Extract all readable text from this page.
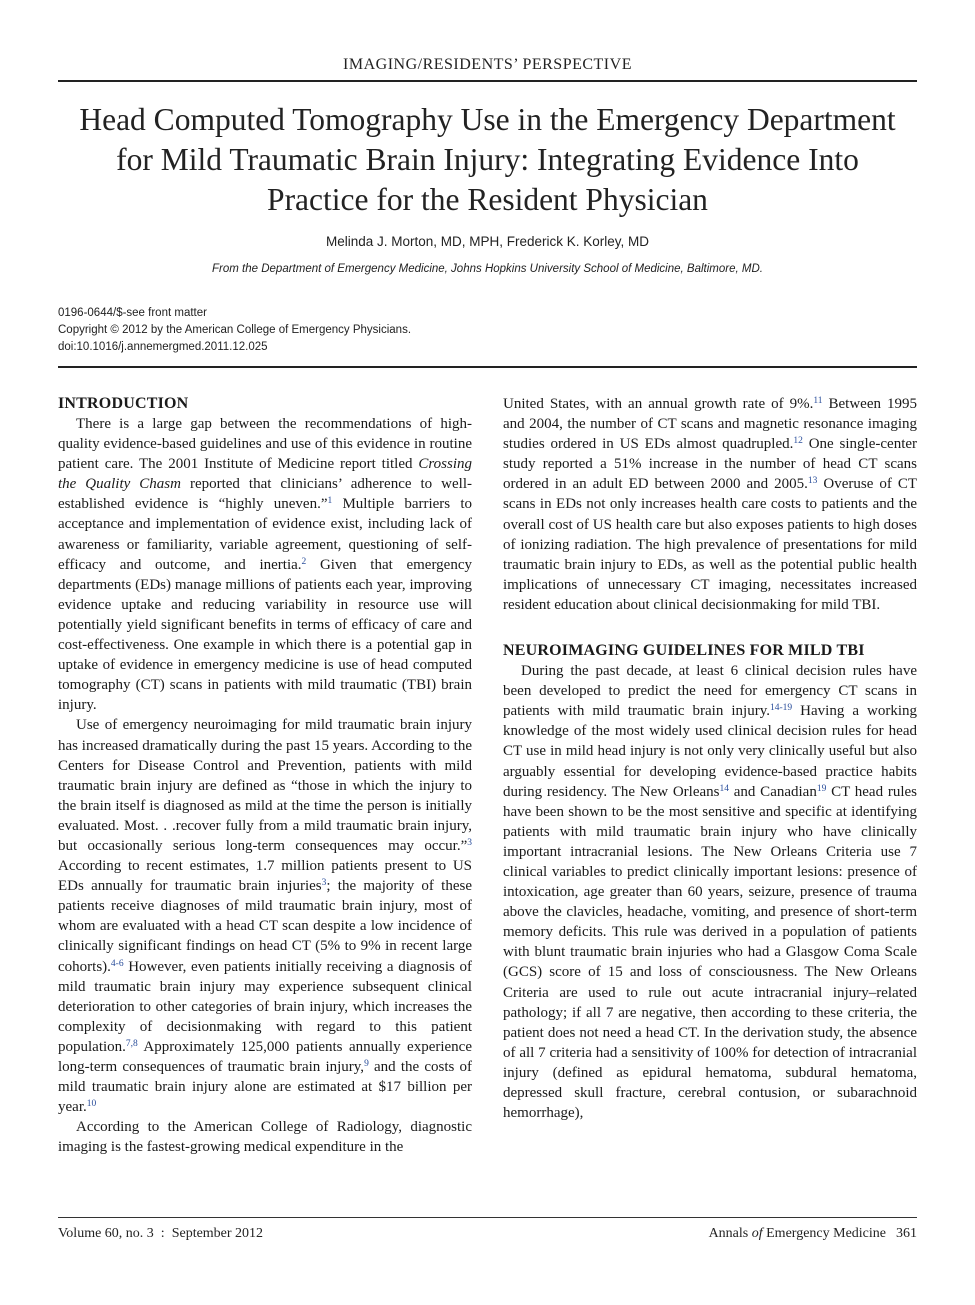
IMAGING/RESIDENTS’ PERSPECTIVE
Head Computed Tomography Use in the Emergency Department
for Mild Traumatic Brain Injury: Integrating Evidence Into
Practice for the Resident Physician
Melinda J. Morton, MD, MPH, Frederick K. Korley, MD
From the Department of Emergency Medicine, Johns Hopkins University School of Medicine, Baltimore, MD.
0196-0644/$-see front matter
Copyright © 2012 by the American College of Emergency Physicians.
doi:10.1016/j.annemergmed.2011.12.025
INTRODUCTION

There is a large gap between the recommendations of high-quality evidence-based guidelines and use of this evidence in routine patient care. The 2001 Institute of Medicine report titled Crossing the Quality Chasm reported that clinicians’ adherence to well-established evidence is “highly uneven.”$^1$ Multiple barriers to acceptance and implementation of evidence exist, including lack of awareness or familiarity, variable agreement, questioning of self-efficacy and outcome, and inertia.$^2$ Given that emergency departments (EDs) manage millions of patients each year, improving evidence uptake and reducing variability in resource use will potentially yield significant benefits in terms of efficacy of care and cost-effectiveness. One example in which there is a potential gap in uptake of evidence in emergency medicine is use of head computed tomography (CT) scans in patients with mild traumatic (TBI) brain injury.

Use of emergency neuroimaging for mild traumatic brain injury has increased dramatically during the past 15 years. According to the Centers for Disease Control and Prevention, patients with mild traumatic brain injury are defined as “those in which the injury to the brain itself is diagnosed as mild at the time the person is initially evaluated. Most. . .recover fully from a mild traumatic brain injury, but occasionally serious long-term consequences may occur.”$^3$ According to recent estimates, 1.7 million patients present to US EDs annually for traumatic brain injuries$^3$; the majority of these patients receive diagnoses of mild traumatic brain injury, most of whom are evaluated with a head CT scan despite a low incidence of clinically significant findings on head CT (5% to 9% in recent large cohorts).$^{4-6}$ However, even patients initially receiving a diagnosis of mild traumatic brain injury may experience subsequent clinical deterioration to other categories of brain injury, which increases the complexity of decisionmaking with regard to this patient population.$^{7,8}$ Approximately 125,000 patients annually experience long-term consequences of traumatic brain injury,$^9$ and the costs of mild traumatic brain injury alone are estimated at $17 billion per year.$^{10}$

According to the American College of Radiology, diagnostic imaging is the fastest-growing medical expenditure in the

United States, with an annual growth rate of 9%.$^{11}$ Between 1995 and 2004, the number of CT scans and magnetic resonance imaging studies ordered in US EDs almost quadrupled.$^{12}$ One single-center study reported a 51% increase in the number of head CT scans ordered in an adult ED between 2000 and 2005.13 Overuse of CT scans in EDs not only increases health care costs to patients and the overall cost of US health care but also exposes patients to high doses of ionizing radiation. The high prevalence of presentations for mild traumatic brain injury to EDs, as well as the potential public health implications of unnecessary CT imaging, necessitates increased resident education about clinical decisionmaking for mild TBI.

NEUROIMAGING GUIDELINES FOR MILD TBI

During the past decade, at least 6 clinical decision rules have been developed to predict the need for emergency CT scans in patients with mild traumatic brain injury.$^{14-19}$ Having a working knowledge of the most widely used clinical decision rules for head CT use in mild head injury is not only very clinically useful but also arguably essential for developing evidence-based practice habits during residency. The New Orleans$^{14}$ and Canadian$^{19}$ CT head rules have been shown to be the most sensitive and specific at identifying patients with mild traumatic brain injury who have clinically important intracranial lesions. The New Orleans Criteria use 7 clinical variables to predict clinically important lesions: presence of intoxication, age greater than 60 years, seizure, presence of trauma above the clavicles, headache, vomiting, and presence of short-term memory deficits. This rule was derived in a population of patients with blunt traumatic brain injuries who had a Glasgow Coma Scale (GCS) score of 15 and loss of consciousness. The New Orleans Criteria are used to rule out acute intracranial injury–related pathology; if all 7 are negative, then according to these criteria, the patient does not need a head CT. In the derivation study, the absence of all 7 criteria had a sensitivity of 100% for detection of intracranial injury (defined as epidural hematoma, subdural hematoma, depressed skull fracture, cerebral contusion, or subarachnoid hemorrhage),

Volume 60, no. 3  :  September 2012	Annals of Emergency Medicine 361
